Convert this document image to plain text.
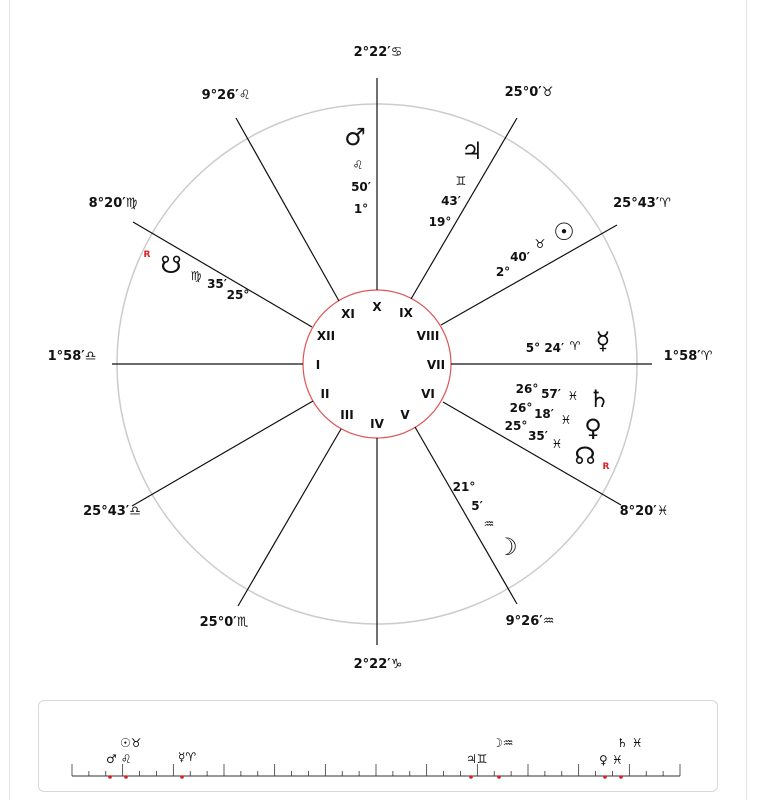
2°22′♋
2°22′♑
1°58′♎	1°58′♈
9°26′♌
9°26′♒
25°0′♉
25°0′♏
8°20′♍
8°20′♓
25°43′♈
25°43′♎
I
II
III
IV
V
VI
VII
VIII
IX
X
XI
XII
♂
♌
50′
1°
♃
♊
43′
19°	☉
♉
40′
2°
5° 24′ ♈ ☿
26° 57′ ♓ ♄
26° 18′ ♓ ♀
25°
35′
♓ ☊ R
21°
5′
♒
☽
R ☋ ♍
35′
25°
☉♉
♂ ♌	☿♈
☽♒
♃♊
♄ ♓
♀ ♓
